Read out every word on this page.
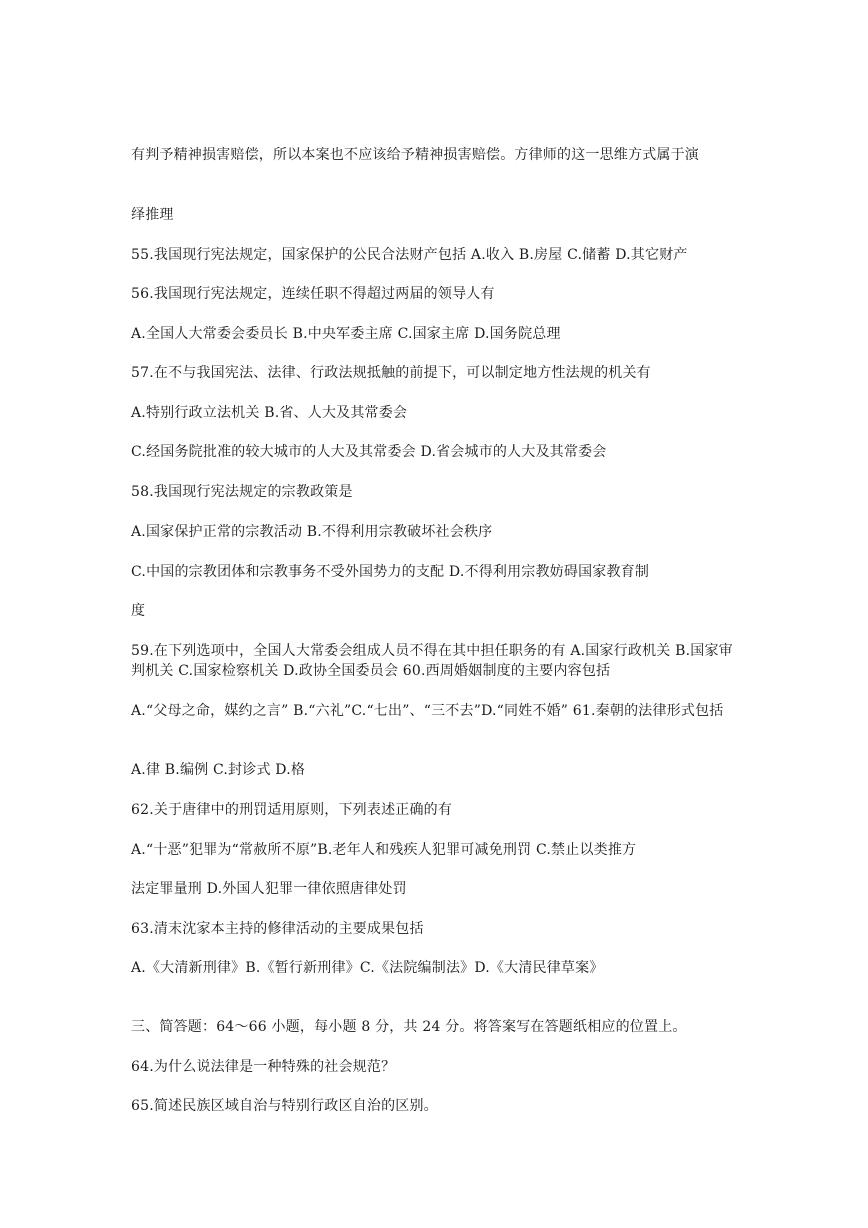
有判予精神损害赔偿，所以本案也不应该给予精神损害赔偿。方律师的这一思维方式属于演
绎推理
55.我国现行宪法规定，国家保护的公民合法财产包括 A.收入 B.房屋 C.储蓄 D.其它财产
56.我国现行宪法规定，连续任职不得超过两届的领导人有
A.全国人大常委会委员长 B.中央军委主席 C.国家主席 D.国务院总理
57.在不与我国宪法、法律、行政法规抵触的前提下，可以制定地方性法规的机关有
A.特别行政立法机关 B.省、人大及其常委会
C.经国务院批准的较大城市的人大及其常委会 D.省会城市的人大及其常委会
58.我国现行宪法规定的宗教政策是
A.国家保护正常的宗教活动 B.不得利用宗教破坏社会秩序
C.中国的宗教团体和宗教事务不受外国势力的支配 D.不得利用宗教妨碍国家教育制
度
59.在下列选项中，全国人大常委会组成人员不得在其中担任职务的有 A.国家行政机关 B.国家审判机关 C.国家检察机关 D.政协全国委员会 60.西周婚姻制度的主要内容包括
A.“父母之命，媒约之言” B.“六礼”C.“七出”、“三不去”D.“同姓不婚” 61.秦朝的法律形式包括
A.律 B.编例 C.封诊式 D.格
62.关于唐律中的刑罚适用原则，下列表述正确的有
A.“十恶”犯罪为“常赦所不原”B.老年人和残疾人犯罪可减免刑罚 C.禁止以类推方
法定罪量刑 D.外国人犯罪一律依照唐律处罚
63.清末沈家本主持的修律活动的主要成果包括
A.《大清新刑律》B.《暂行新刑律》C.《法院编制法》D.《大清民律草案》
三、简答题：64～66 小题，每小题 8 分，共 24 分。将答案写在答题纸相应的位置上。
64.为什么说法律是一种特殊的社会规范？
65.简述民族区域自治与特别行政区自治的区别。
